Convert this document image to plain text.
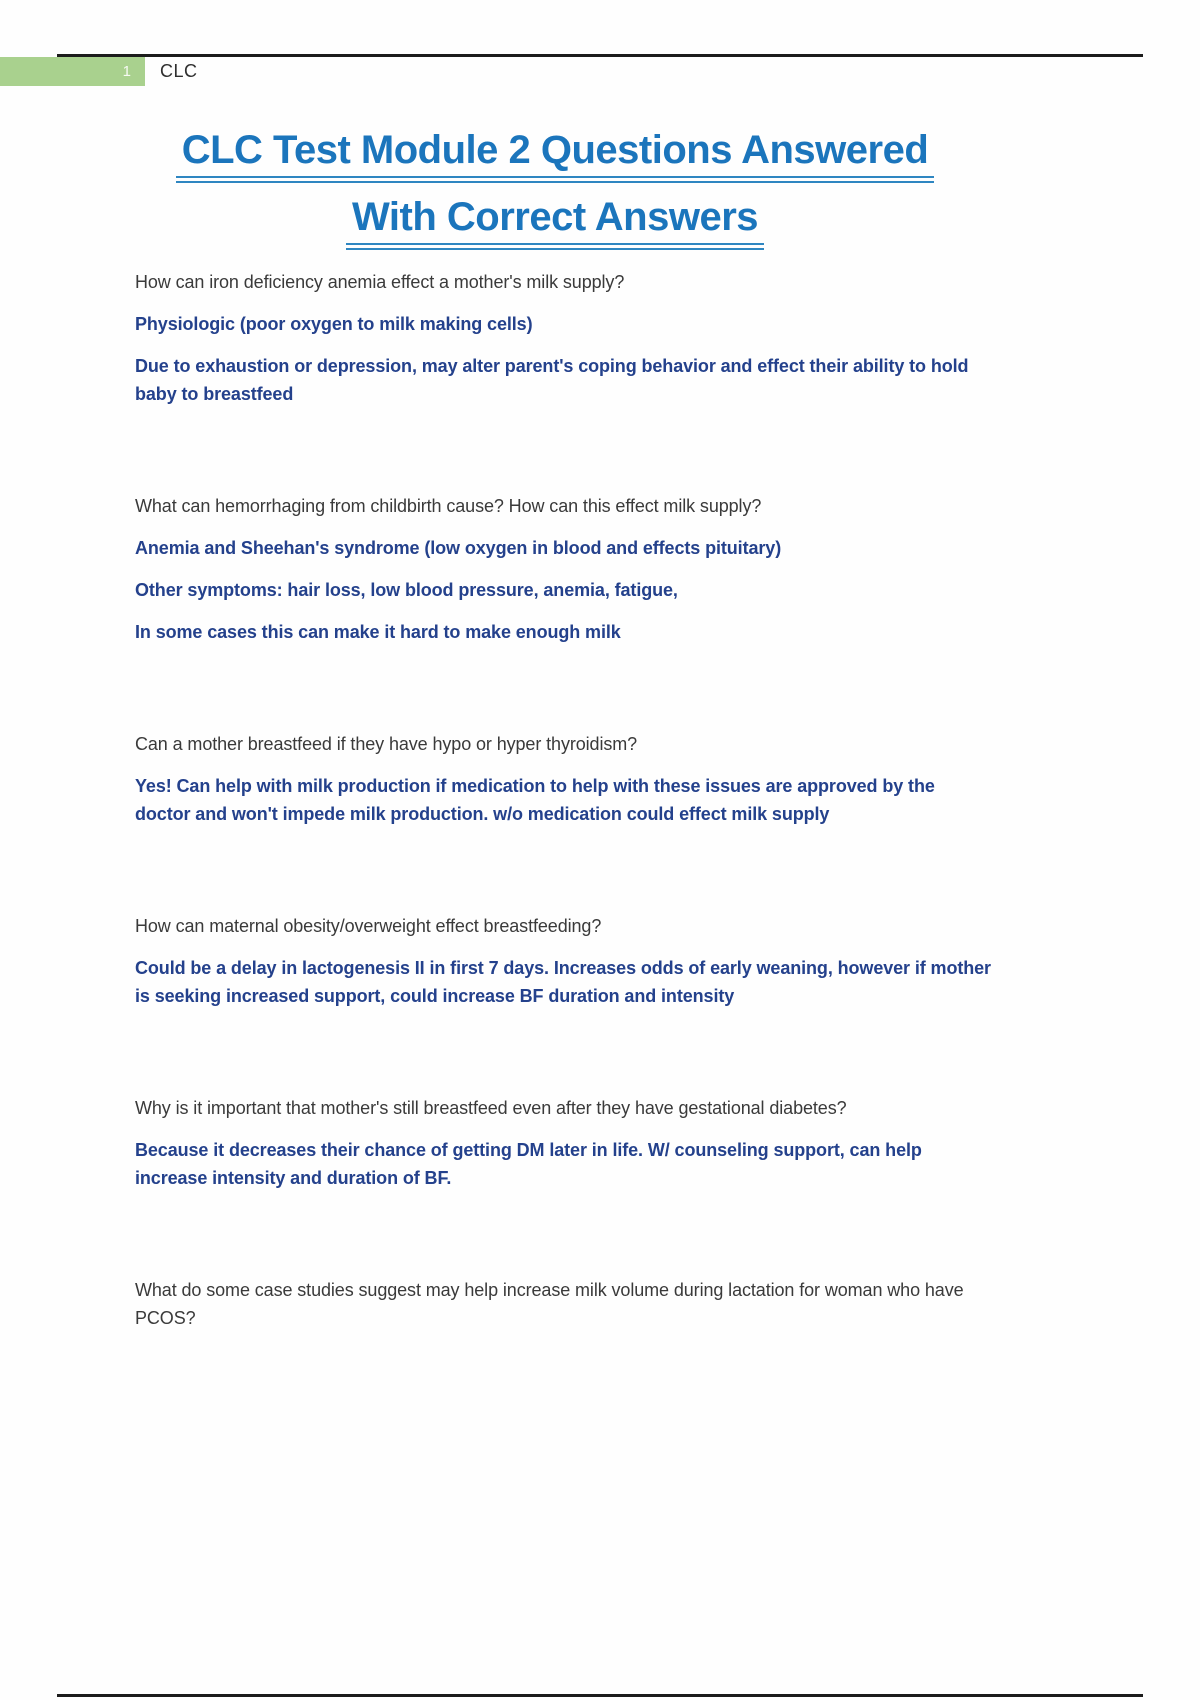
1	CLC
CLC Test Module 2 Questions Answered
With Correct Answers

How can iron deficiency anemia effect a mother's milk supply?

Physiologic (poor oxygen to milk making cells)

Due to exhaustion or depression, may alter parent's coping behavior and effect their ability to hold baby to breastfeed

What can hemorrhaging from childbirth cause? How can this effect milk supply?

Anemia and Sheehan's syndrome (low oxygen in blood and effects pituitary)

Other symptoms: hair loss, low blood pressure, anemia, fatigue,

In some cases this can make it hard to make enough milk

Can a mother breastfeed if they have hypo or hyper thyroidism?

Yes! Can help with milk production if medication to help with these issues are approved by the doctor and won't impede milk production. w/o medication could effect milk supply

How can maternal obesity/overweight effect breastfeeding?

Could be a delay in lactogenesis II in first 7 days. Increases odds of early weaning, however if mother is seeking increased support, could increase BF duration and intensity

Why is it important that mother's still breastfeed even after they have gestational diabetes?

Because it decreases their chance of getting DM later in life. W/ counseling support, can help increase intensity and duration of BF.

What do some case studies suggest may help increase milk volume during lactation for woman who have PCOS?
